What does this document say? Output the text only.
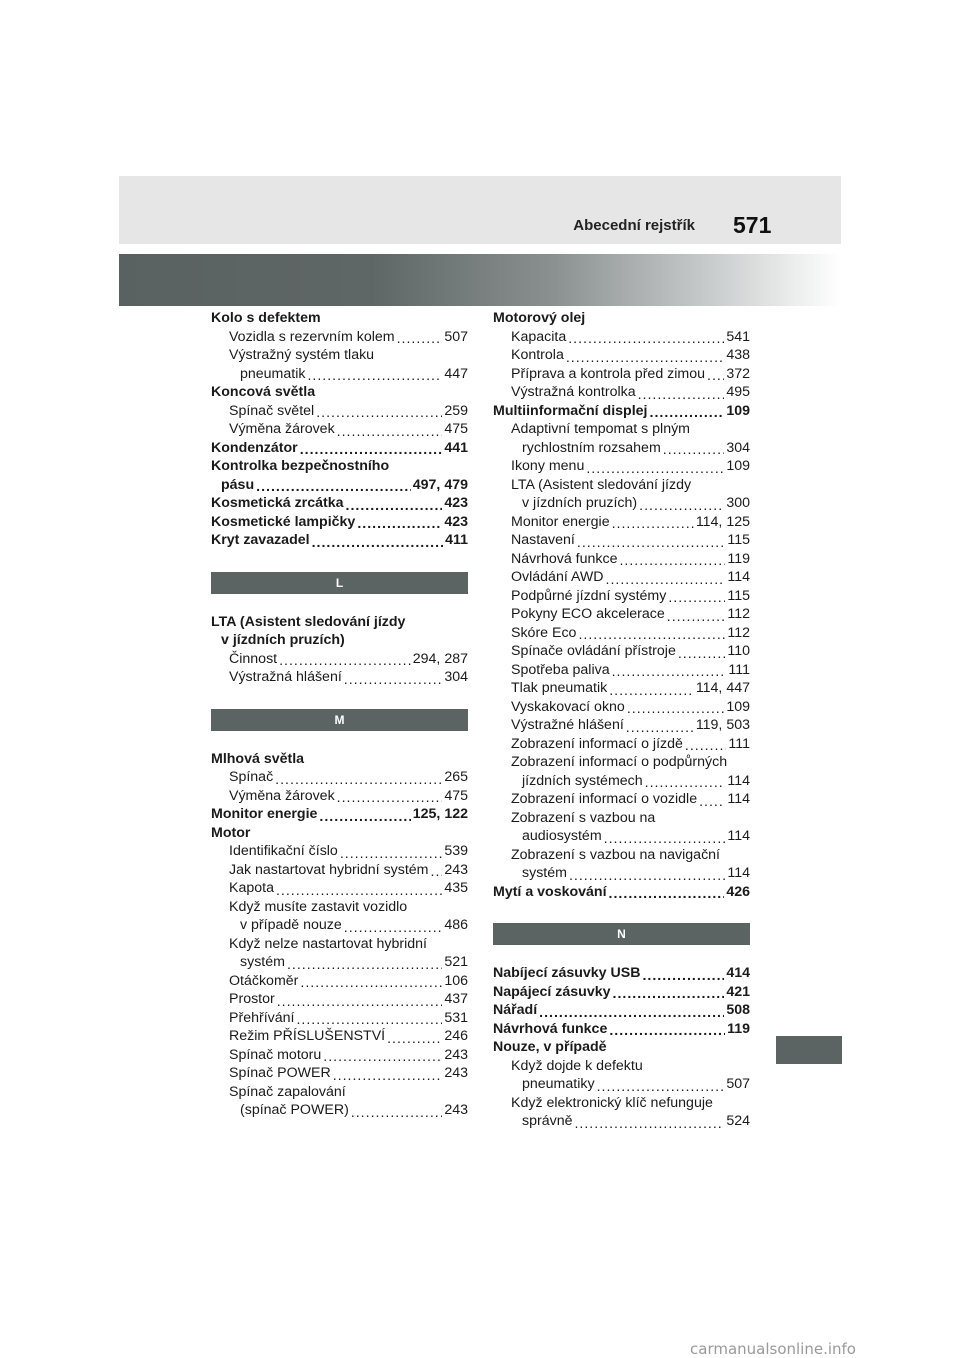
Abecední rejstřík 571
Kolo s defektem
Vozidla s rezervním kolem .....	507
Výstražný systém tlaku
pneumatik .....	447
Koncová světla
Spínač světel .....	259
Výměna žárovek .....	475
Kondenzátor .....	441
Kontrolka bezpečnostního
pásu .....	497, 479
Kosmetická zrcátka .....	423
Kosmetické lampičky .....	423
Kryt zavazadel .....	411
L
LTA (Asistent sledování jízdy
v jízdních pruzích)
Činnost .....	294, 287
Výstražná hlášení .....	304
M
Mlhová světla
Spínač .....	265
Výměna žárovek .....	475
Monitor energie .....	125, 122
Motor
Identifikační číslo .....	539
Jak nastartovat hybridní systém ..... 243
Kapota .....	435
Když musíte zastavit vozidlo
v případě nouze .....	486
Když nelze nastartovat hybridní
systém .....	521
Otáčkoměr .....	106
Prostor .....	437
Přehřívání .....	531
Režim PŘÍSLUŠENSTVÍ .....	246
Spínač motoru .....	243
Spínač POWER .....	243
Spínač zapalování
(spínač POWER) .....	243
Motorový olej
Kapacita .....	541
Kontrola .....	438
Příprava a kontrola před zimou ..... 372
Výstražná kontrolka .....	495
Multiinformační displej .....	109
Adaptivní tempomat s plným
rychlostním rozsahem .....	304
Ikony menu .....	109
LTA (Asistent sledování jízdy
v jízdních pruzích) .....	300
Monitor energie .....	114, 125
Nastavení .....	115
Návrhová funkce .....	119
Ovládání AWD .....	114
Podpůrné jízdní systémy .....	115
Pokyny ECO akcelerace .....	112
Skóre Eco .....	112
Spínače ovládání přístroje .....	110
Spotřeba paliva .....	111
Tlak pneumatik .....	114, 447
Vyskakovací okno .....	109
Výstražné hlášení .....	119, 503
Zobrazení informací o jízdě .....	111
Zobrazení informací o podpůrných
jízdních systémech .....	114
Zobrazení informací o vozidle ..... 114
Zobrazení s vazbou na
audiosystém .....	114
Zobrazení s vazbou na navigační
systém .....	114
Mytí a voskování .....	426
N
Nabíjecí zásuvky USB .....	414
Napájecí zásuvky .....	421
Nářadí .....	508
Návrhová funkce .....	119
Nouze, v případě
Když dojde k defektu
pneumatiky .....	507
Když elektronický klíč nefunguje
správně .....	524
carmanualsonline.info
